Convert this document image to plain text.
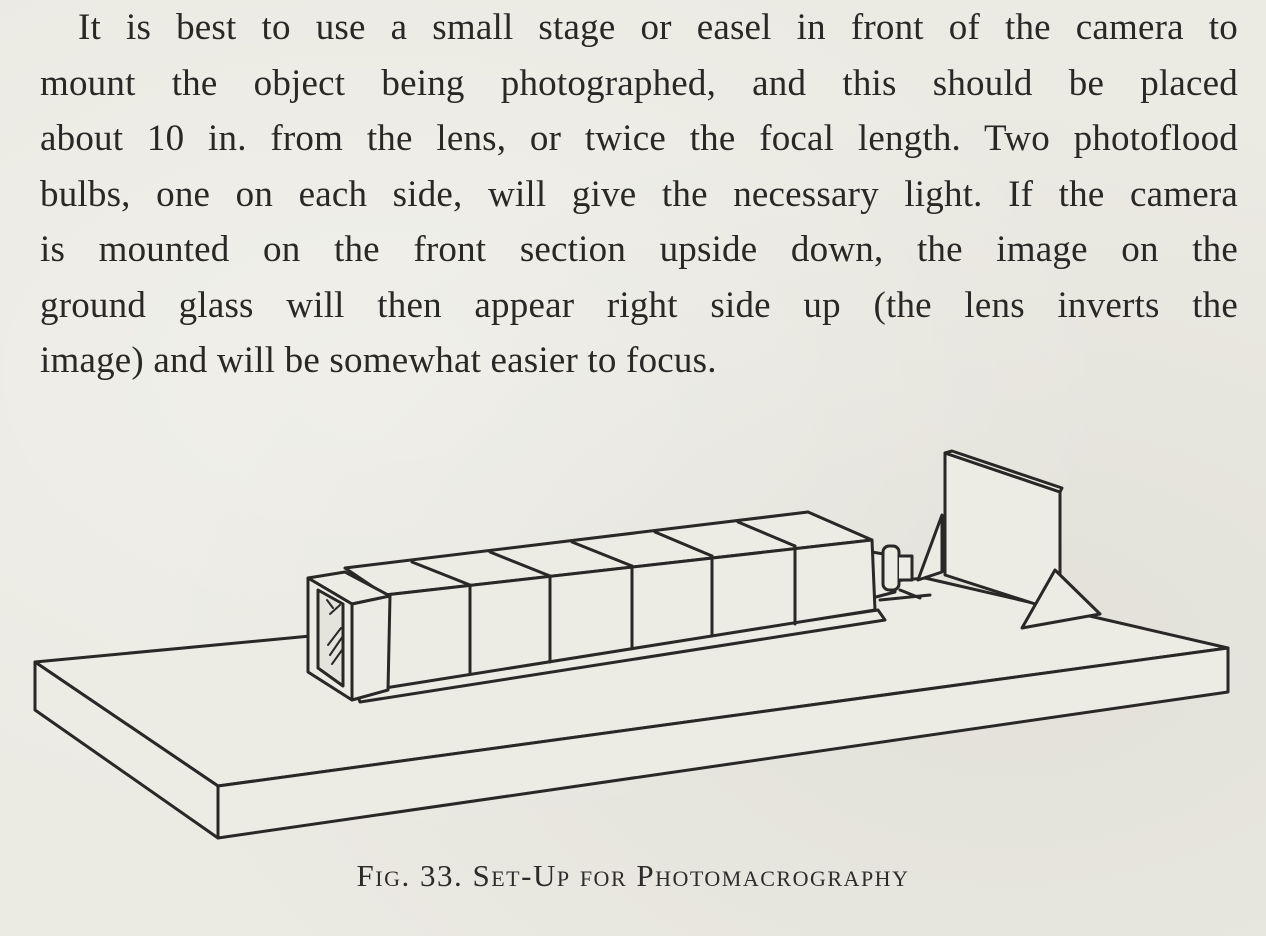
It is best to use a small stage or easel in front of the camera to
mount the object being photographed, and this should be placed
about 10 in. from the lens, or twice the focal length. Two photoflood
bulbs, one on each side, will give the necessary light. If the camera
is mounted on the front section upside down, the image on the
ground glass will then appear right side up (the lens inverts the
image) and will be somewhat easier to focus.

Fig. 33. Set-Up for Photomacrography
